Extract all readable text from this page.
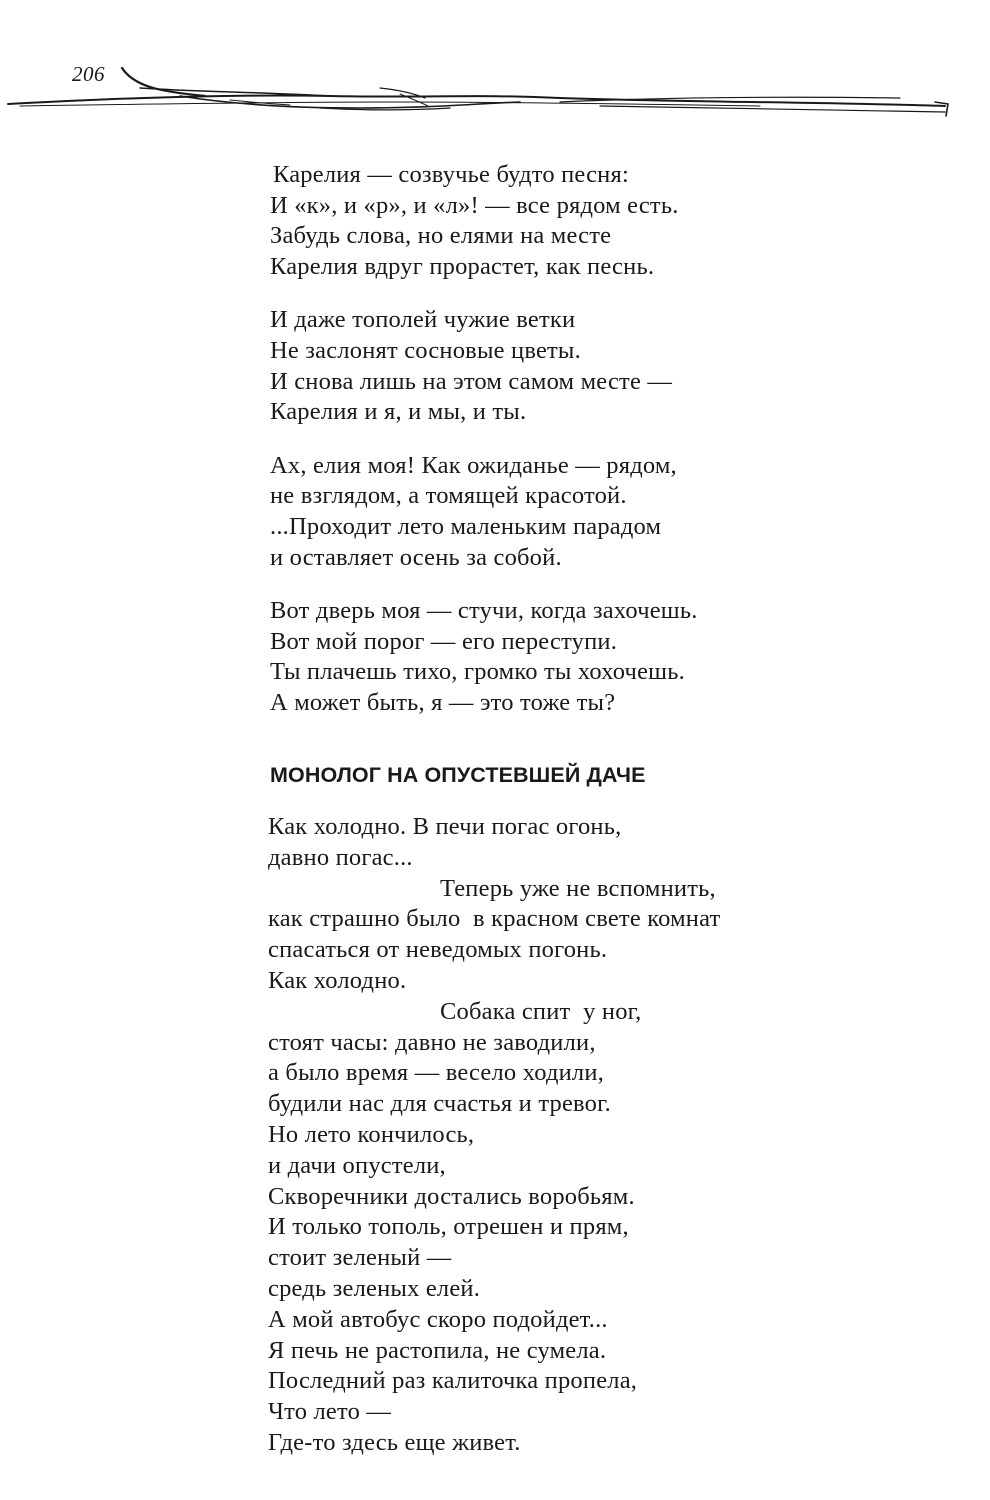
206
Карелия — созвучье будто песня:
И «к», и «р», и «л»! — все рядом есть.
Забудь слова, но елями на месте
Карелия вдруг прорастет, как песнь.
И даже тополей чужие ветки
Не заслонят сосновые цветы.
И снова лишь на этом самом месте —
Карелия и я, и мы, и ты.
Ах, елия моя! Как ожиданье — рядом,
не взглядом, а томящей красотой.
...Проходит лето маленьким парадом
и оставляет осень за собой.
Вот дверь моя — стучи, когда захочешь.
Вот мой порог — его переступи.
Ты плачешь тихо, громко ты хохочешь.
А может быть, я — это тоже ты?
МОНОЛОГ НА ОПУСТЕВШЕЙ ДАЧЕ
Как холодно. В печи погас огонь,
давно погас...
Теперь уже не вспомнить,
как страшно было  в красном свете комнат
спасаться от неведомых погонь.
Как холодно.
Собака спит  у ног,
стоят часы: давно не заводили,
а было время — весело ходили,
будили нас для счастья и тревог.
Но лето кончилось,
и дачи опустели,
Скворечники достались воробьям.
И только тополь, отрешен и прям,
стоит зеленый —
средь зеленых елей.
А мой автобус скоро подойдет...
Я печь не растопила, не сумела.
Последний раз калиточка пропела,
Что лето —
Где-то здесь еще живет.
